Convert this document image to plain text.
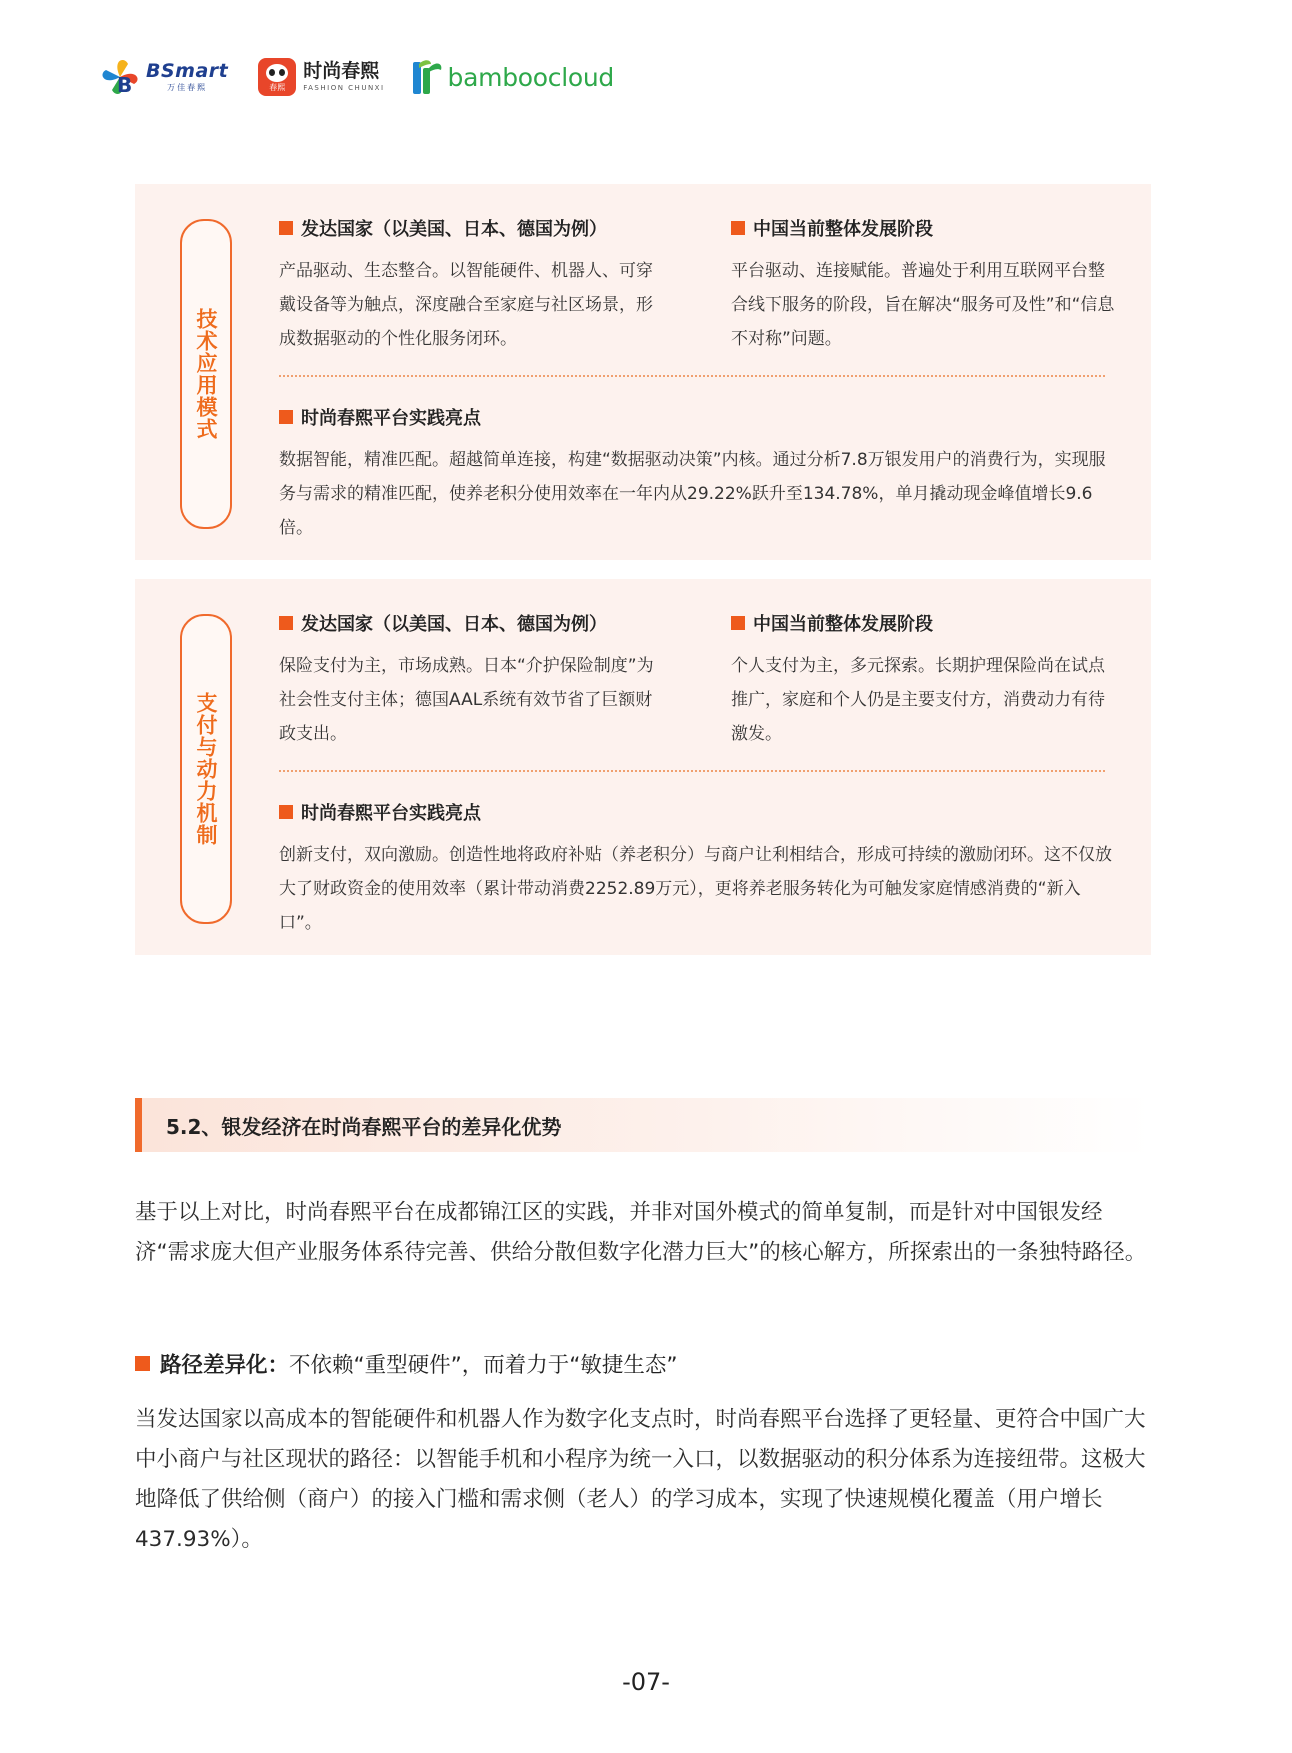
B
BSmart
万佳春熙	春熙
时尚春熙
FASHION CHUNXI	bamboocloud
技术应用模式
发达国家（以美国、日本、德国为例）
产品驱动、生态整合。以智能硬件、机器人、可穿戴设备等为触点，深度融合至家庭与社区场景，形成数据驱动的个性化服务闭环。
中国当前整体发展阶段
平台驱动、连接赋能。普遍处于利用互联网平台整合线下服务的阶段，旨在解决“服务可及性”和“信息不对称”问题。
时尚春熙平台实践亮点
数据智能，精准匹配。超越简单连接，构建“数据驱动决策”内核。通过分析7.8万银发用户的消费行为，实现服务与需求的精准匹配，使养老积分使用效率在一年内从29.22%跃升至134.78%，单月撬动现金峰值增长9.6倍。
支付与动力机制
发达国家（以美国、日本、德国为例）
保险支付为主，市场成熟。日本“介护保险制度”为社会性支付主体；德国AAL系统有效节省了巨额财政支出。
中国当前整体发展阶段
个人支付为主，多元探索。长期护理保险尚在试点推广，家庭和个人仍是主要支付方，消费动力有待激发。
时尚春熙平台实践亮点
创新支付，双向激励。创造性地将政府补贴（养老积分）与商户让利相结合，形成可持续的激励闭环。这不仅放大了财政资金的使用效率（累计带动消费2252.89万元），更将养老服务转化为可触发家庭情感消费的“新入口”。
5.2、银发经济在时尚春熙平台的差异化优势
基于以上对比，时尚春熙平台在成都锦江区的实践，并非对国外模式的简单复制，而是针对中国银发经济“需求庞大但产业服务体系待完善、供给分散但数字化潜力巨大”的核心解方，所探索出的一条独特路径。
路径差异化： 不依赖“重型硬件”，而着力于“敏捷生态”
当发达国家以高成本的智能硬件和机器人作为数字化支点时，时尚春熙平台选择了更轻量、更符合中国广大中小商户与社区现状的路径：以智能手机和小程序为统一入口，以数据驱动的积分体系为连接纽带。这极大地降低了供给侧（商户）的接入门槛和需求侧（老人）的学习成本，实现了快速规模化覆盖（用户增长437.93%）。
-07-
